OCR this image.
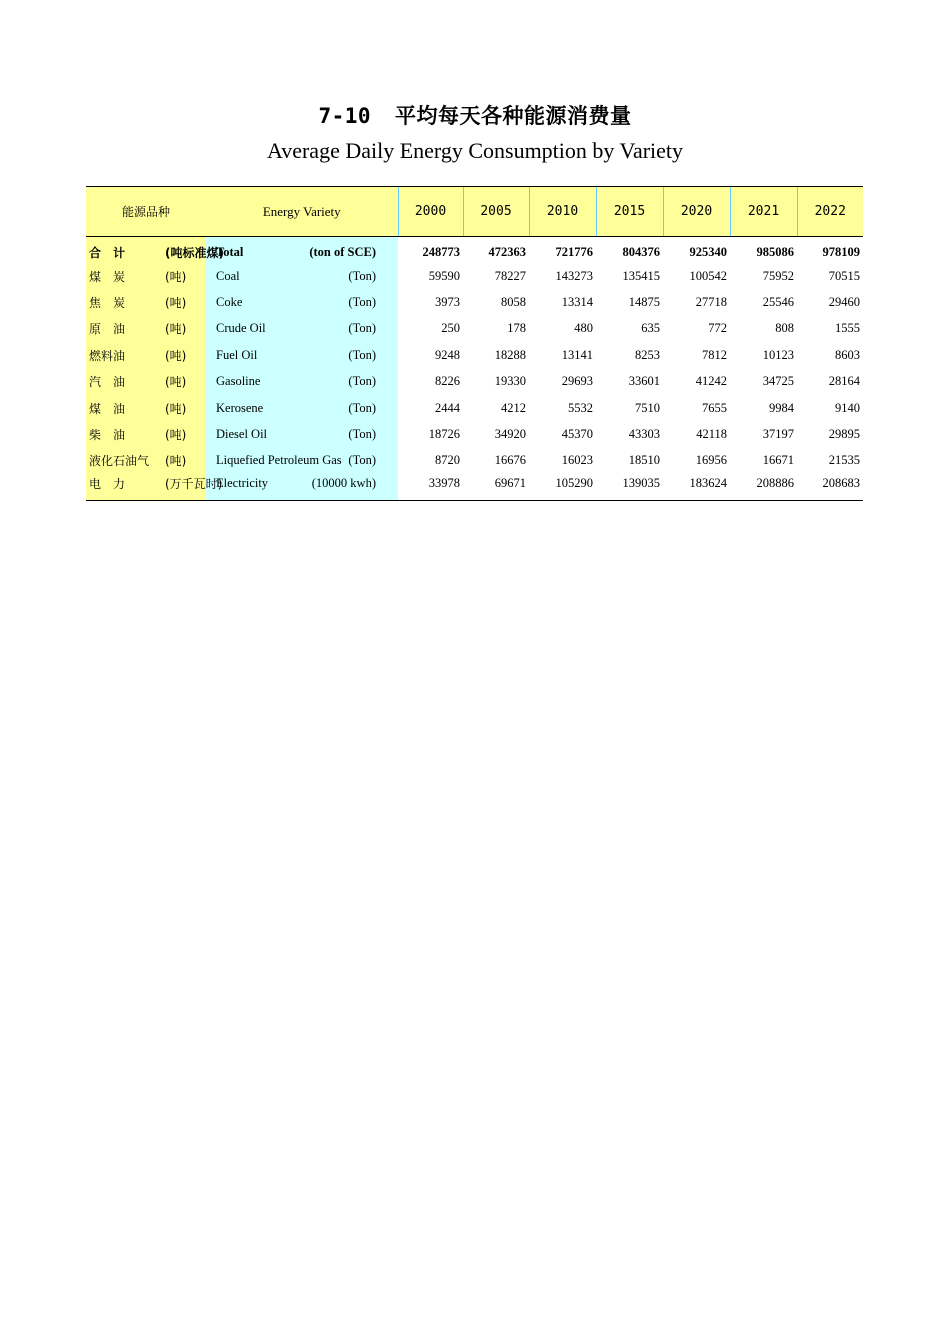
7-10 平均每天各种能源消费量
Average Daily Energy Consumption by Variety
能源品种	Energy Variety	2000	2005	2010	2015	2020	2021	2022
合　计 (吨标准煤)	Total (ton of SCE)	248773	472363	721776	804376	925340	985086	978109
煤　炭 (吨)	Coal (Ton)	59590	78227	143273	135415	100542	75952	70515
焦　炭 (吨)	Coke (Ton)	3973	8058	13314	14875	27718	25546	29460
原　油 (吨)	Crude Oil (Ton)	250	178	480	635	772	808	1555
燃料油 (吨)	Fuel Oil (Ton)	9248	18288	13141	8253	7812	10123	8603
汽　油 (吨)	Gasoline (Ton)	8226	19330	29693	33601	41242	34725	28164
煤　油 (吨)	Kerosene (Ton)	2444	4212	5532	7510	7655	9984	9140
柴　油 (吨)	Diesel Oil (Ton)	18726	34920	45370	43303	42118	37197	29895
液化石油气 (吨)	Liquefied Petroleum Gas (Ton)	8720	16676	16023	18510	16956	16671	21535
电　力 (万千瓦时)	Electricity (10000 kwh)	33978	69671	105290	139035	183624	208886	208683
